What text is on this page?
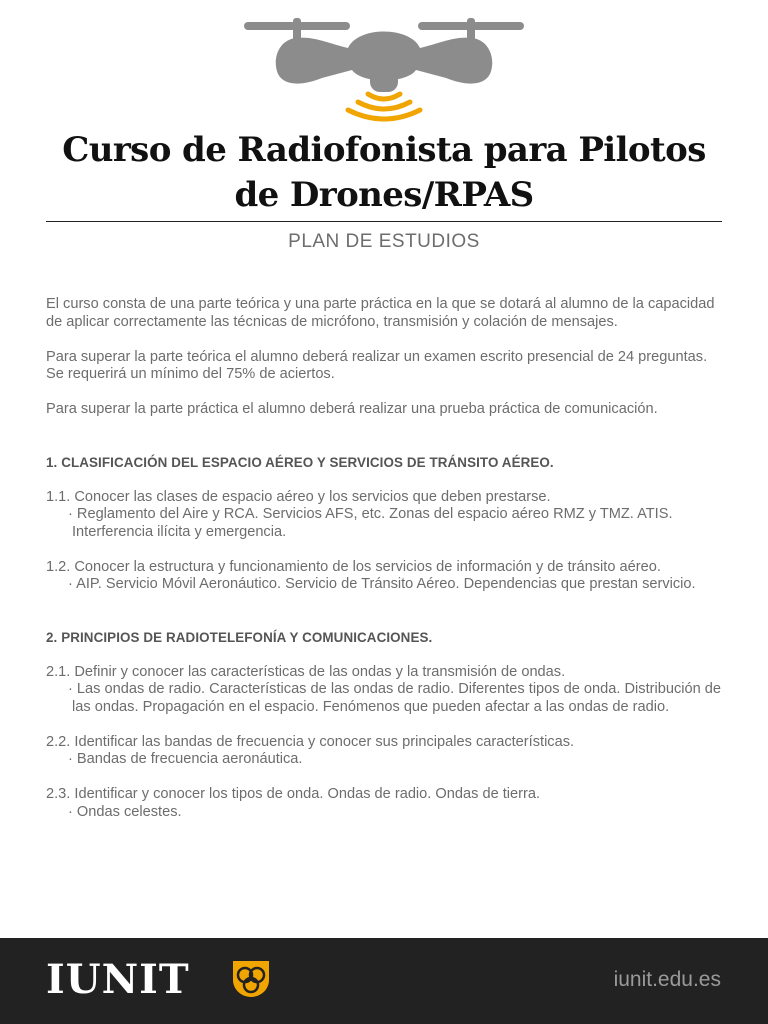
Curso de Radiofonista para Pilotos
de Drones/RPAS
PLAN DE ESTUDIOS

El curso consta de una parte teórica y una parte práctica en la que se dotará al alumno de la capacidad de aplicar correctamente las técnicas de micrófono, transmisión y colación de mensajes.

Para superar la parte teórica el alumno deberá realizar un examen escrito presencial de 24 preguntas. Se requerirá un mínimo del 75% de aciertos.

Para superar la parte práctica el alumno deberá realizar una prueba práctica de comunicación.

1. CLASIFICACIÓN DEL ESPACIO AÉREO Y SERVICIOS DE TRÁNSITO AÉREO.

1.1. Conocer las clases de espacio aéreo y los servicios que deben prestarse.

· Reglamento del Aire y RCA. Servicios AFS, etc. Zonas del espacio aéreo RMZ y TMZ. ATIS. Interferencia ilícita y emergencia.

1.2. Conocer la estructura y funcionamiento de los servicios de información y de tránsito aéreo.

· AIP. Servicio Móvil Aeronáutico. Servicio de Tránsito Aéreo. Dependencias que prestan servicio.

2. PRINCIPIOS DE RADIOTELEFONÍA Y COMUNICACIONES.

2.1. Definir y conocer las características de las ondas y la transmisión de ondas.

· Las ondas de radio. Características de las ondas de radio. Diferentes tipos de onda. Distribución de las ondas. Propagación en el espacio. Fenómenos que pueden afectar a las ondas de radio.

2.2. Identificar las bandas de frecuencia y conocer sus principales características.

· Bandas de frecuencia aeronáutica.

2.3. Identificar y conocer los tipos de onda. Ondas de radio. Ondas de tierra.

· Ondas celestes.

IUNIT	iunit.edu.es
